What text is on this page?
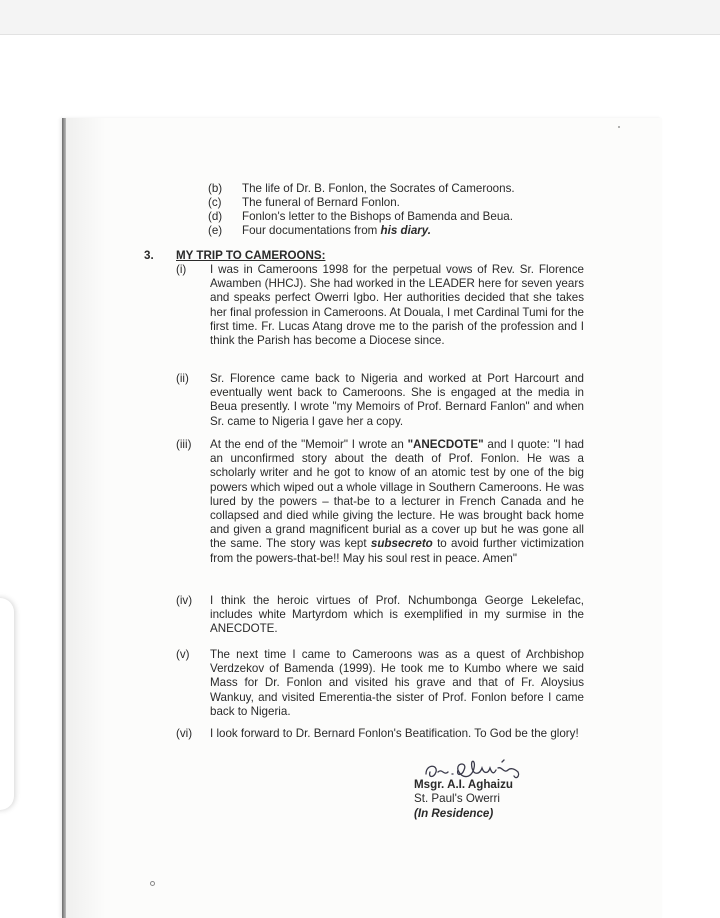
(b) The life of Dr. B. Fonlon, the Socrates of Cameroons.
(c) The funeral of Bernard Fonlon.
(d) Fonlon's letter to the Bishops of Bamenda and Beua.
(e) Four documentations from his diary.
3. MY TRIP TO CAMEROONS:
(i) I was in Cameroons 1998 for the perpetual vows of Rev. Sr. Florence Awamben (HHCJ). She had worked in the LEADER here for seven years and speaks perfect Owerri Igbo. Her authorities decided that she takes her final profession in Cameroons. At Douala, I met Cardinal Tumi for the first time. Fr. Lucas Atang drove me to the parish of the profession and I think the Parish has become a Diocese since.
(ii) Sr. Florence came back to Nigeria and worked at Port Harcourt and eventually went back to Cameroons. She is engaged at the media in Beua presently. I wrote "my Memoirs of Prof. Bernard Fanlon" and when Sr. came to Nigeria I gave her a copy.
(iii) At the end of the "Memoir" I wrote an "ANECDOTE" and I quote: "I had an unconfirmed story about the death of Prof. Fonlon. He was a scholarly writer and he got to know of an atomic test by one of the big powers which wiped out a whole village in Southern Cameroons. He was lured by the powers – that-be to a lecturer in French Canada and he collapsed and died while giving the lecture. He was brought back home and given a grand magnificent burial as a cover up but he was gone all the same. The story was kept subsecreto to avoid further victimization from the powers-that-be!! May his soul rest in peace. Amen"
(iv) I think the heroic virtues of Prof. Nchumbonga George Lekelefac, includes white Martyrdom which is exemplified in my surmise in the ANECDOTE.
(v) The next time I came to Cameroons was as a quest of Archbishop Verdzekov of Bamenda (1999). He took me to Kumbo where we said Mass for Dr. Fonlon and visited his grave and that of Fr. Aloysius Wankuy, and visited Emerentia-the sister of Prof. Fonlon before I came back to Nigeria.
(vi) I look forward to Dr. Bernard Fonlon's Beatification. To God be the glory!
Msgr. A.I. Aghaizu
St. Paul's Owerri
(In Residence)
